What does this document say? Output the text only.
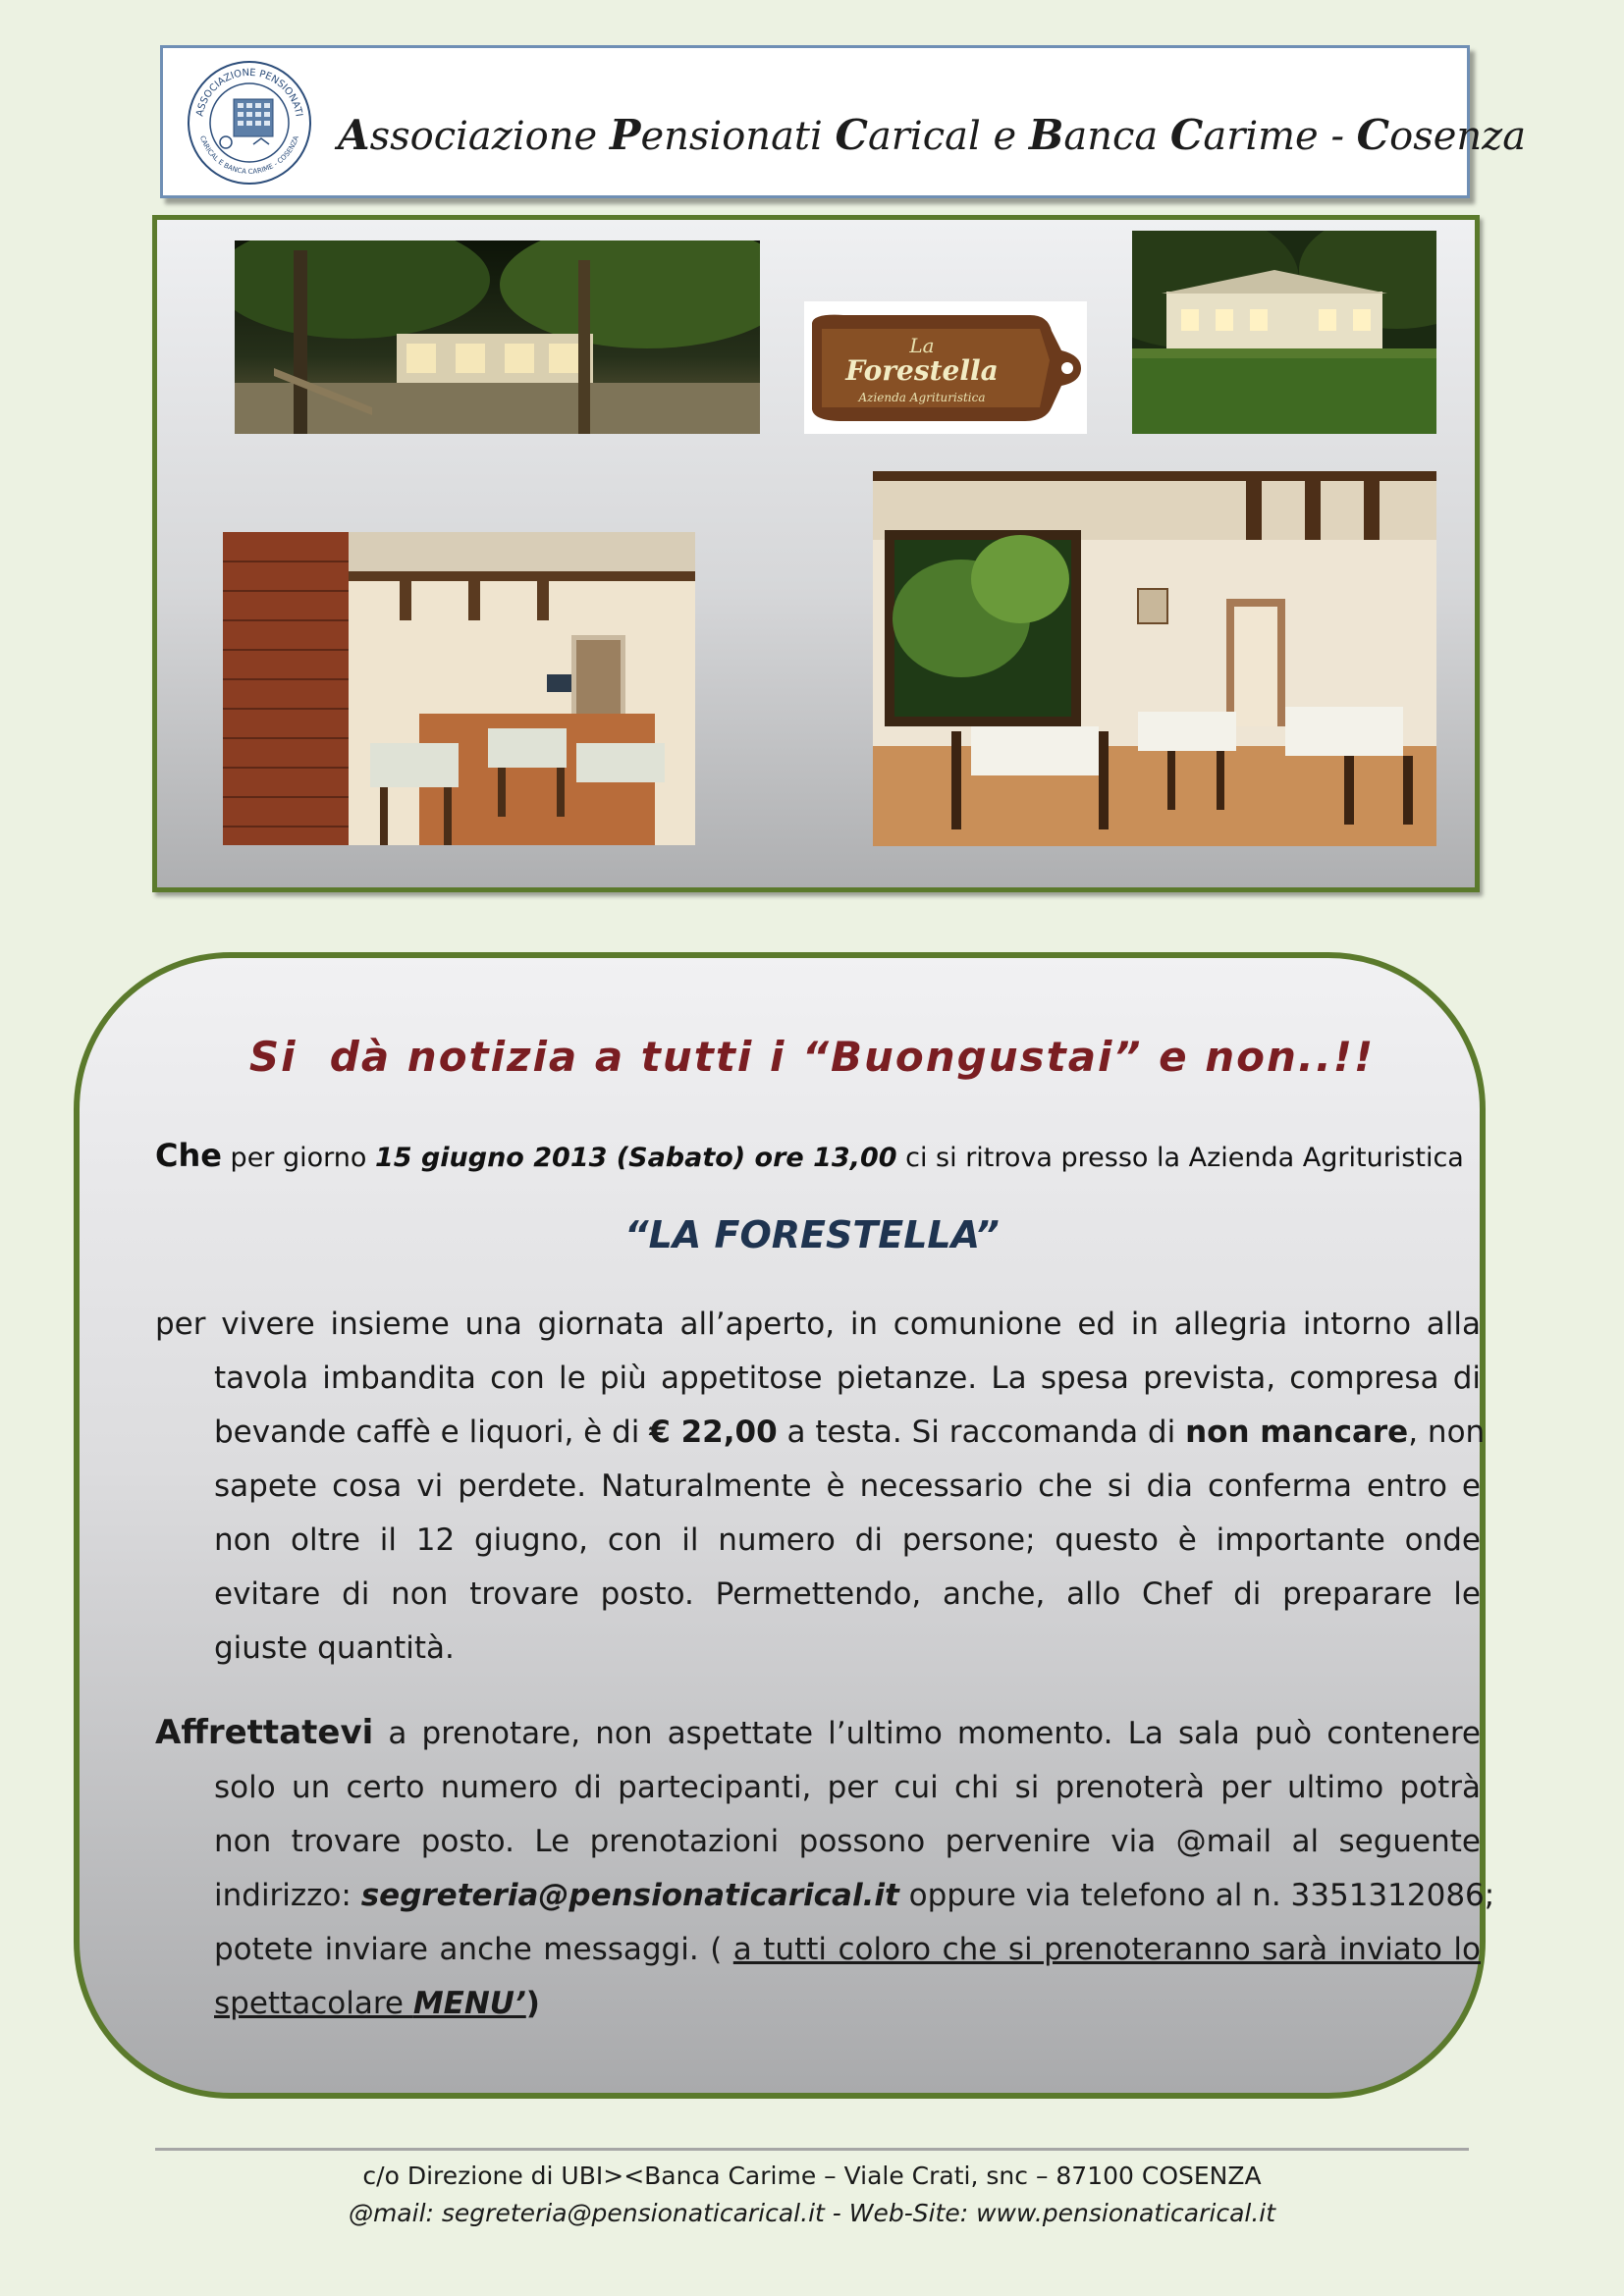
ASSOCIAZIONE PENSIONATI
CARICAL E BANCA CARIME - COSENZA Associazione Pensionati Carical e Banca Carime - Cosenza
La
Forestella
Azienda Agrituristica
Si  dà notizia a tutti i “Buongustai” e non..!!
Che per giorno 15 giugno 2013 (Sabato) ore 13,00 ci si ritrova presso la Azienda Agrituristica
“LA FORESTELLA”
per vivere insieme una giornata all’aperto, in comunione ed in allegria intorno alla
tavola imbandita con le più appetitose pietanze. La spesa prevista, compresa di
bevande caffè e liquori, è di € 22,00 a testa. Si raccomanda di non mancare, non
sapete cosa vi perdete. Naturalmente è necessario che si dia conferma entro e
non oltre il 12 giugno, con il numero di persone; questo è importante onde
evitare di non trovare posto. Permettendo, anche, allo Chef di preparare le
giuste quantità.
Affrettatevi a prenotare, non aspettate l’ultimo momento. La sala può contenere
solo un certo numero di partecipanti, per cui chi si prenoterà per ultimo potrà
non trovare posto. Le prenotazioni possono pervenire via @mail al seguente
indirizzo: segreteria@pensionaticarical.it oppure via telefono al n. 3351312086;
potete inviare anche messaggi. ( a tutti coloro che si prenoteranno sarà inviato lo
spettacolare MENU’)
c/o Direzione di UBI><Banca Carime – Viale Crati, snc – 87100 COSENZA
@mail: segreteria@pensionaticarical.it - Web-Site: www.pensionaticarical.it
